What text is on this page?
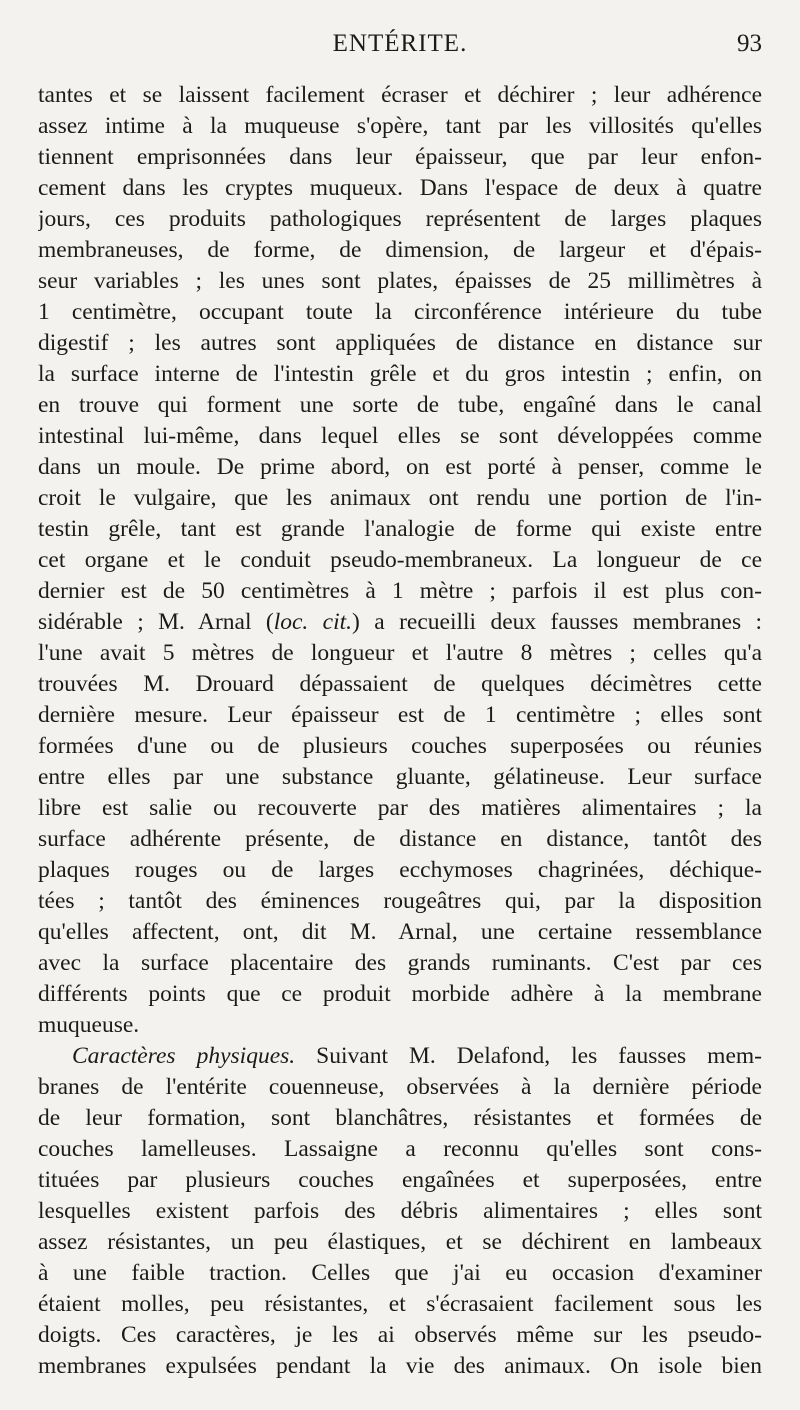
ENTÉRITE.	93
tantes et se laissent facilement écraser et déchirer ; leur adhérence
assez intime à la muqueuse s'opère, tant par les villosités qu'elles
tiennent emprisonnées dans leur épaisseur, que par leur enfon-
cement dans les cryptes muqueux. Dans l'espace de deux à quatre
jours, ces produits pathologiques représentent de larges plaques
membraneuses, de forme, de dimension, de largeur et d'épais-
seur variables ; les unes sont plates, épaisses de 25 millimètres à
1 centimètre, occupant toute la circonférence intérieure du tube
digestif ; les autres sont appliquées de distance en distance sur
la surface interne de l'intestin grêle et du gros intestin ; enfin, on
en trouve qui forment une sorte de tube, engaîné dans le canal
intestinal lui-même, dans lequel elles se sont développées comme
dans un moule. De prime abord, on est porté à penser, comme le
croit le vulgaire, que les animaux ont rendu une portion de l'in-
testin grêle, tant est grande l'analogie de forme qui existe entre
cet organe et le conduit pseudo-membraneux. La longueur de ce
dernier est de 50 centimètres à 1 mètre ; parfois il est plus con-
sidérable ; M. Arnal (loc. cit.) a recueilli deux fausses membranes :
l'une avait 5 mètres de longueur et l'autre 8 mètres ; celles qu'a
trouvées M. Drouard dépassaient de quelques décimètres cette
dernière mesure. Leur épaisseur est de 1 centimètre ; elles sont
formées d'une ou de plusieurs couches superposées ou réunies
entre elles par une substance gluante, gélatineuse. Leur surface
libre est salie ou recouverte par des matières alimentaires ; la
surface adhérente présente, de distance en distance, tantôt des
plaques rouges ou de larges ecchymoses chagrinées, déchique-
tées ; tantôt des éminences rougeâtres qui, par la disposition
qu'elles affectent, ont, dit M. Arnal, une certaine ressemblance
avec la surface placentaire des grands ruminants. C'est par ces
différents points que ce produit morbide adhère à la membrane
muqueuse.
Caractères physiques. Suivant M. Delafond, les fausses mem-
branes de l'entérite couenneuse, observées à la dernière période
de leur formation, sont blanchâtres, résistantes et formées de
couches lamelleuses. Lassaigne a reconnu qu'elles sont cons-
tituées par plusieurs couches engaînées et superposées, entre
lesquelles existent parfois des débris alimentaires ; elles sont
assez résistantes, un peu élastiques, et se déchirent en lambeaux
à une faible traction. Celles que j'ai eu occasion d'examiner
étaient molles, peu résistantes, et s'écrasaient facilement sous les
doigts. Ces caractères, je les ai observés même sur les pseudo-
membranes expulsées pendant la vie des animaux. On isole bien
